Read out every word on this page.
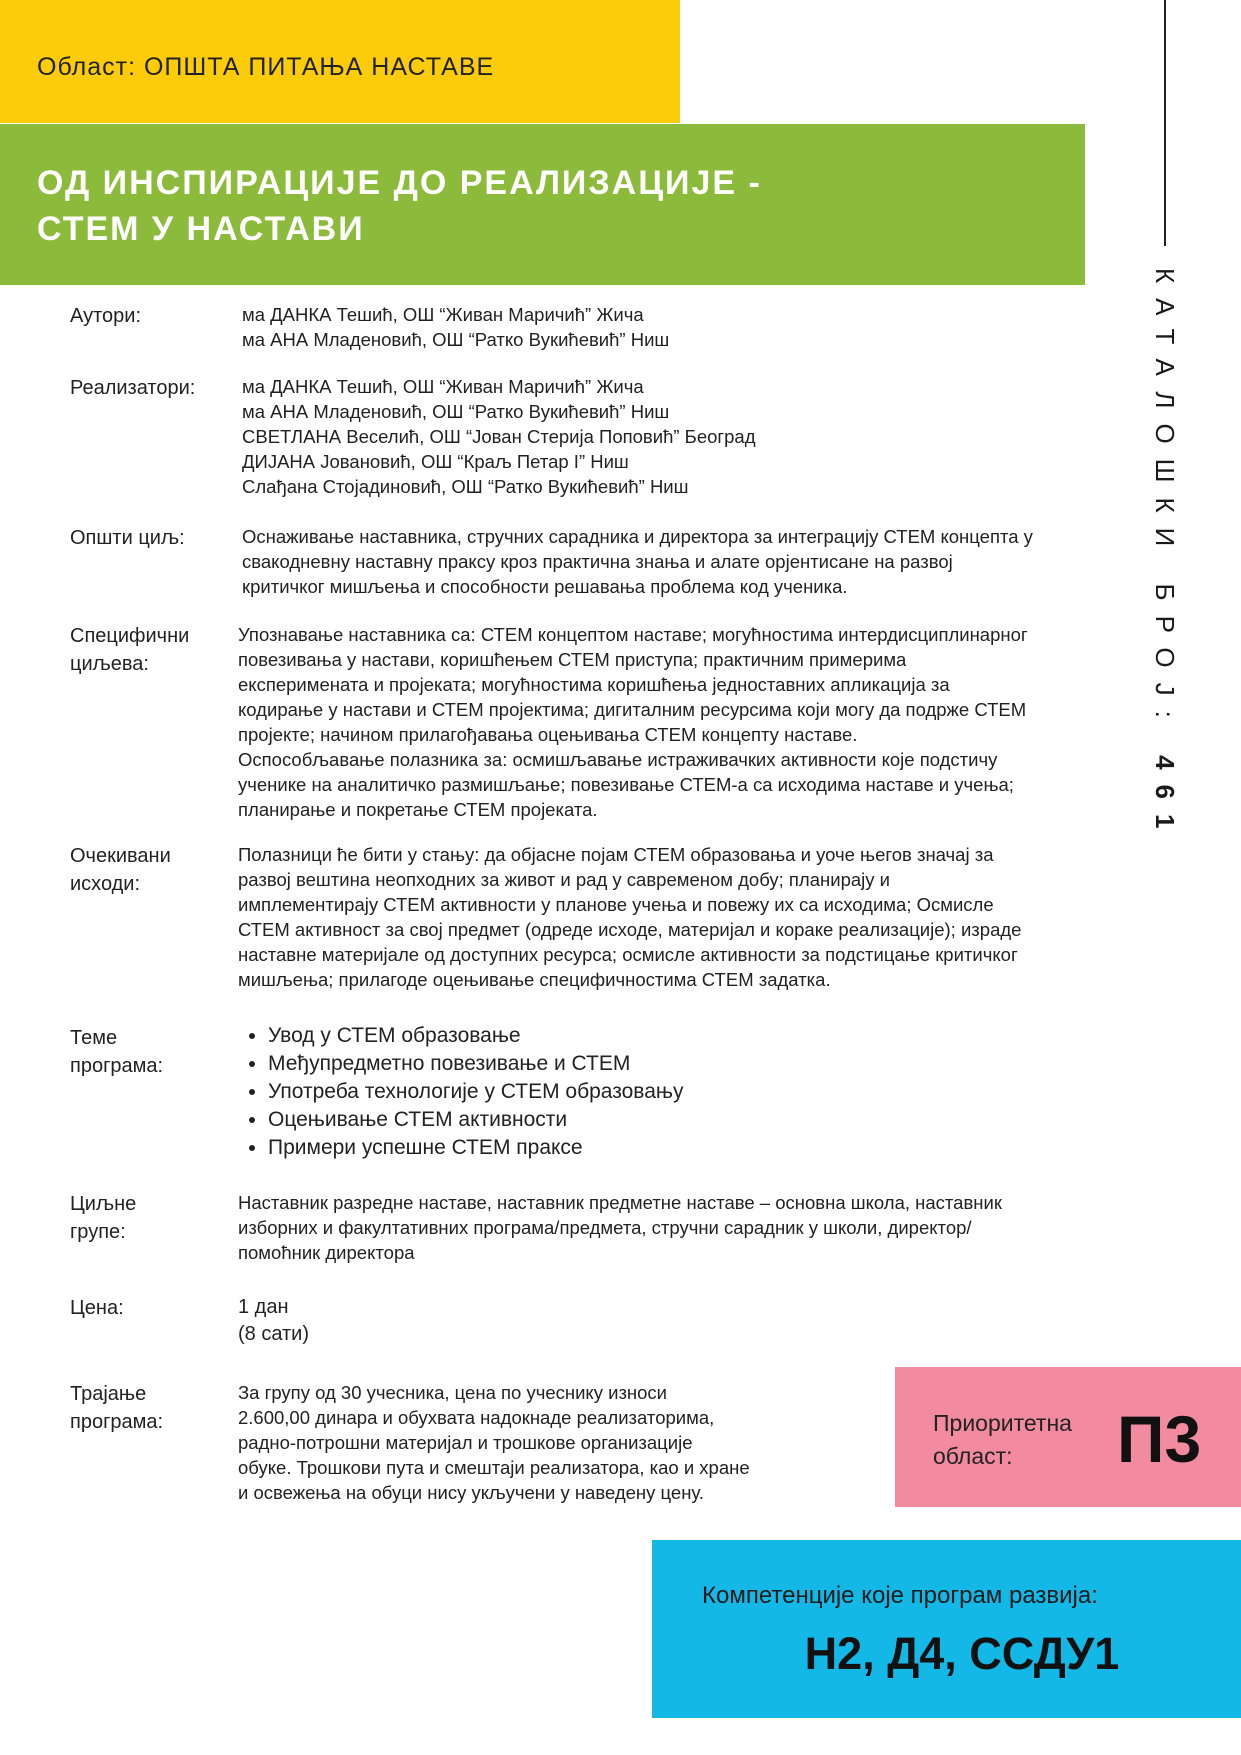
Област: ОПШТА ПИТАЊА НАСТАВЕ
ОД ИНСПИРАЦИЈЕ ДО РЕАЛИЗАЦИЈЕ -
СТЕМ У НАСТАВИ
КАТАЛОШКИ БРОЈ: 461
Аутори:	ма ДАНКА Тешић, ОШ “Живан Маричић” Жича
ма АНА Младеновић, ОШ “Ратко Вукићевић” Ниш
Реализатори:	ма ДАНКА Тешић, ОШ “Живан Маричић” Жича
ма АНА Младеновић, ОШ “Ратко Вукићевић” Ниш
СВЕТЛАНА Веселић, ОШ “Јован Стерија Поповић” Београд
ДИЈАНА Јовановић, ОШ “Краљ Петар I” Ниш
Слађана Стојадиновић, ОШ “Ратко Вукићевић” Ниш
Општи циљ:	Оснаживање наставника, стручних сарадника и директора за интеграцију СТЕМ концепта у
свакодневну наставну праксу кроз практична знања и алате орјентисане на развој
критичког мишљења и способности решавања проблема код ученика.
Специфични
циљева:
Упознавање наставника са: СТЕМ концептом наставе; могућностима интердисциплинарног
повезивања у настави, коришћењем СТЕМ приступа; практичним примерима
експеримената и пројеката; могућностима коришћења једноставних апликација за
кодирање у настави и СТЕМ пројектима; дигиталним ресурсима који могу да подрже СТЕМ
пројекте; начином прилагођавања оцењивања СТЕМ концепту наставе.
Оспособљавање полазника за: осмишљавање истраживачких активности које подстичу
ученике на аналитичко размишљање; повезивање СТЕМ-а са исходима наставе и учења;
планирање и покретање СТЕМ пројеката.
Очекивани
исходи:
Полазници ће бити у стању: да објасне појам СТЕМ образовања и уоче његов значај за
развој вештина неопходних за живот и рад у савременом добу; планирају и
имплементирају СТЕМ активности у планове учења и повежу их са исходима; Осмисле
СТЕМ активност за свој предмет (одреде исходе, материјал и кораке реализације); израде
наставне материјале од доступних ресурса; осмисле активности за подстицање критичког
мишљења; прилагоде оцењивање специфичностима СТЕМ задатка.
Теме
програма:
• Увод у СТЕМ образовање
• Међупредметно повезивање и СТЕМ
• Употреба технологије у СТЕМ образовању
• Оцењивање СТЕМ активности
• Примери успешне СТЕМ праксе
Циљне
групе:
Наставник разредне наставе, наставник предметне наставе – основна школа, наставник
изборних и факултативних програма/предмета, стручни сарадник у школи, директор/
помоћник директора
Цена:	1 дан
(8 сати)
Трајање
програма:
За групу од 30 учесника, цена по учеснику износи
2.600,00 динара и обухвата надокнаде реализаторима,
радно-потрошни материјал и трошкове организације
обуке. Трошкови пута и смештаји реализатора, као и хране
и освежења на обуци нису укључени у наведену цену.
Приоритетна
област:	П3
Компетенције које програм развија:
Н2, Д4, ССДУ1
